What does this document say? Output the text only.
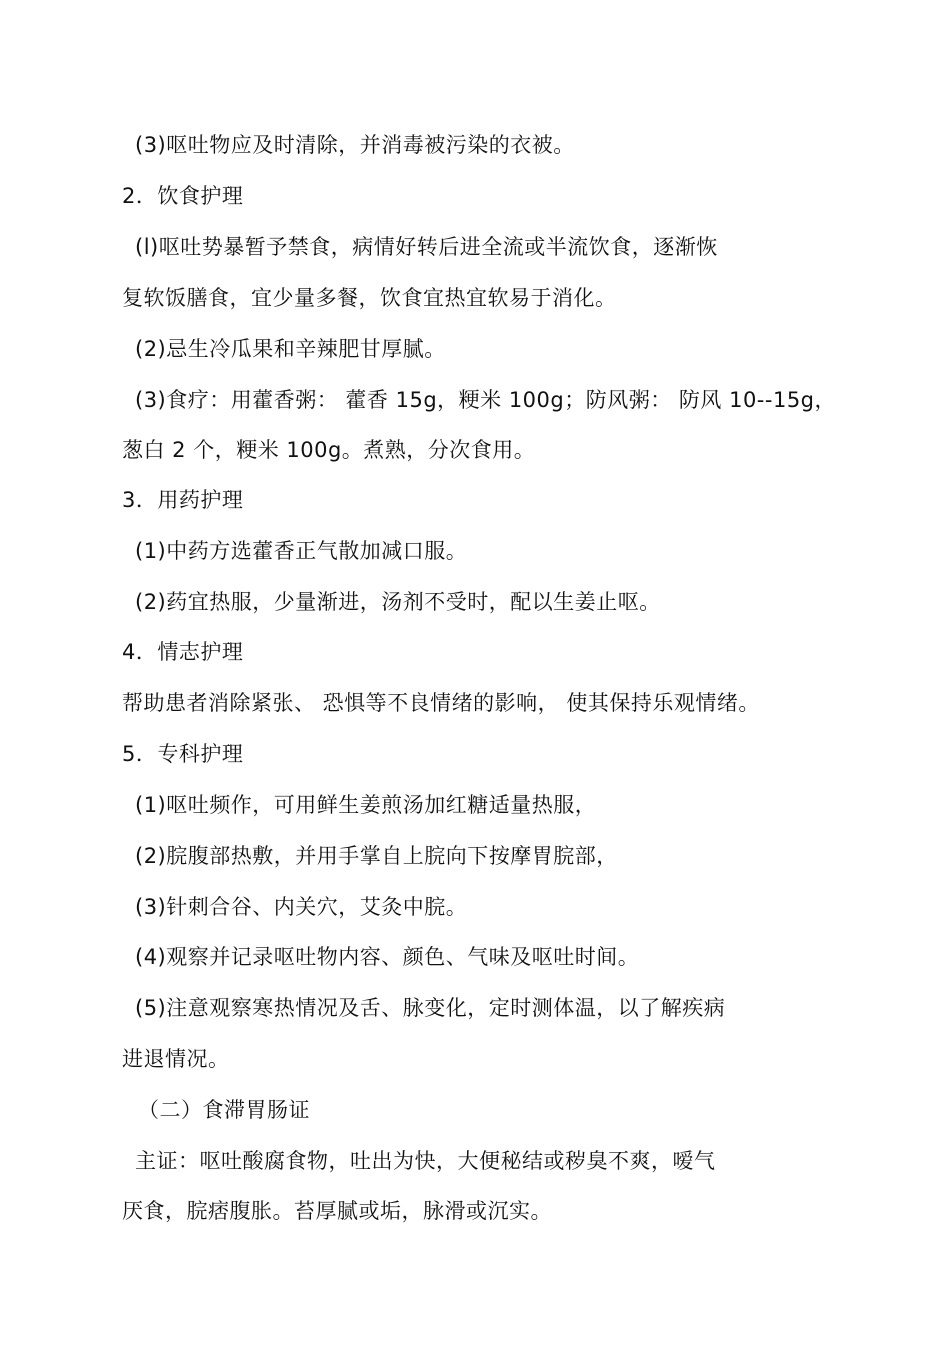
(3)呕吐物应及时清除，并消毒被污染的衣被。
2．饮食护理
(l)呕吐势暴暂予禁食，病情好转后进全流或半流饮食，逐渐恢
复软饭膳食，宜少量多餐，饮食宜热宜软易于消化。
(2)忌生冷瓜果和辛辣肥甘厚腻。
(3)食疗：用藿香粥： 藿香 15g，粳米 100g；防风粥： 防风 10--15g，
葱白 2 个，粳米 100g。煮熟，分次食用。
3．用药护理
(1)中药方选藿香正气散加减口服。
(2)药宜热服，少量渐进，汤剂不受时，配以生姜止呕。
4．情志护理
帮助患者消除紧张、 恐惧等不良情绪的影响， 使其保持乐观情绪。
5．专科护理
(1)呕吐频作，可用鲜生姜煎汤加红糖适量热服，
(2)脘腹部热敷，并用手掌自上脘向下按摩胃脘部，
(3)针刺合谷、内关穴，艾灸中脘。
(4)观察并记录呕吐物内容、颜色、气味及呕吐时间。
(5)注意观察寒热情况及舌、脉变化，定时测体温，以了解疾病
进退情况。
（二）食滞胃肠证
主证：呕吐酸腐食物，吐出为快，大便秘结或秽臭不爽，嗳气
厌食，脘痞腹胀。苔厚腻或垢，脉滑或沉实。
